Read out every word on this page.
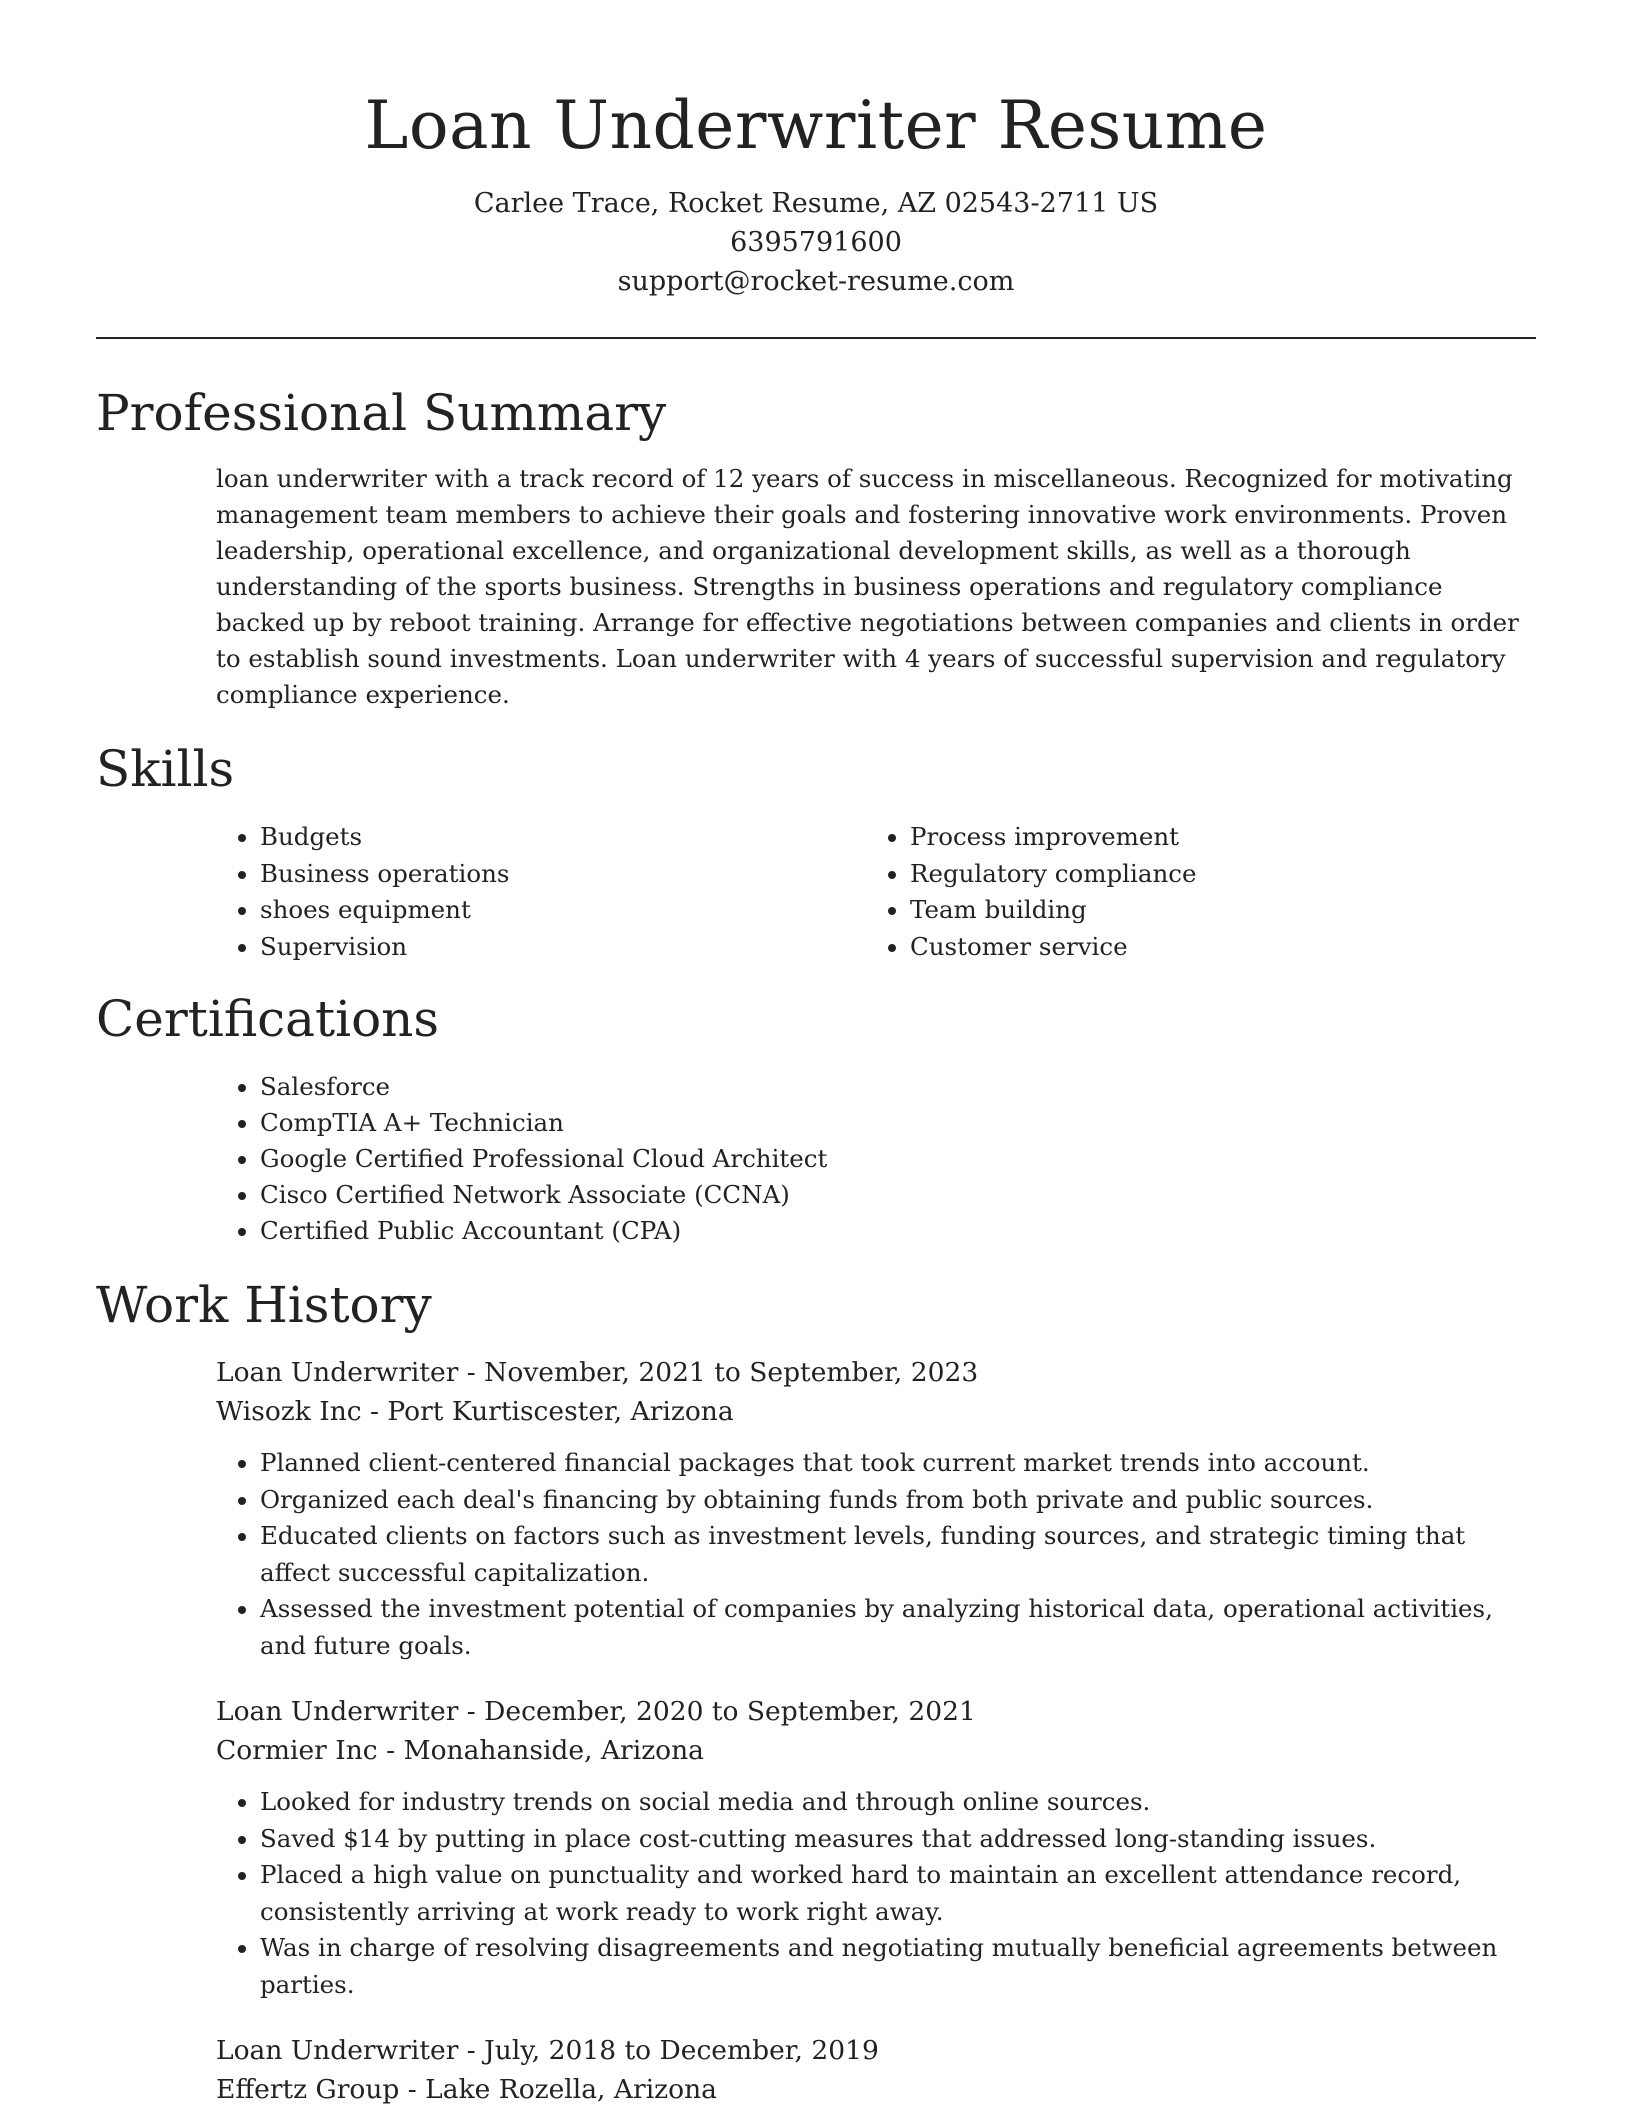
Loan Underwriter Resume
Carlee Trace, Rocket Resume, AZ 02543-2711 US
6395791600
support@rocket-resume.com
Professional Summary

loan underwriter with a track record of 12 years of success in miscellaneous. Recognized for motivating management team members to achieve their goals and fostering innovative work environments. Proven leadership, operational excellence, and organizational development skills, as well as a thorough understanding of the sports business. Strengths in business operations and regulatory compliance backed up by reboot training. Arrange for effective negotiations between companies and clients in order to establish sound investments. Loan underwriter with 4 years of successful supervision and regulatory compliance experience.

Skills
• Budgets
• Business operations
• shoes equipment
• Supervision
• Process improvement
• Regulatory compliance
• Team building
• Customer service
Certifications
• Salesforce
• CompTIA A+ Technician
• Google Certified Professional Cloud Architect
• Cisco Certified Network Associate (CCNA)
• Certified Public Accountant (CPA)
Work History
Loan Underwriter - November, 2021 to September, 2023
Wisozk Inc - Port Kurtiscester, Arizona
• Planned client-centered financial packages that took current market trends into account.
• Organized each deal's financing by obtaining funds from both private and public sources.
• Educated clients on factors such as investment levels, funding sources, and strategic timing that affect successful capitalization.
• Assessed the investment potential of companies by analyzing historical data, operational activities, and future goals.
Loan Underwriter - December, 2020 to September, 2021
Cormier Inc - Monahanside, Arizona
• Looked for industry trends on social media and through online sources.
• Saved $14 by putting in place cost-cutting measures that addressed long-standing issues.
• Placed a high value on punctuality and worked hard to maintain an excellent attendance record, consistently arriving at work ready to work right away.
• Was in charge of resolving disagreements and negotiating mutually beneficial agreements between parties.
Loan Underwriter - July, 2018 to December, 2019
Effertz Group - Lake Rozella, Arizona
